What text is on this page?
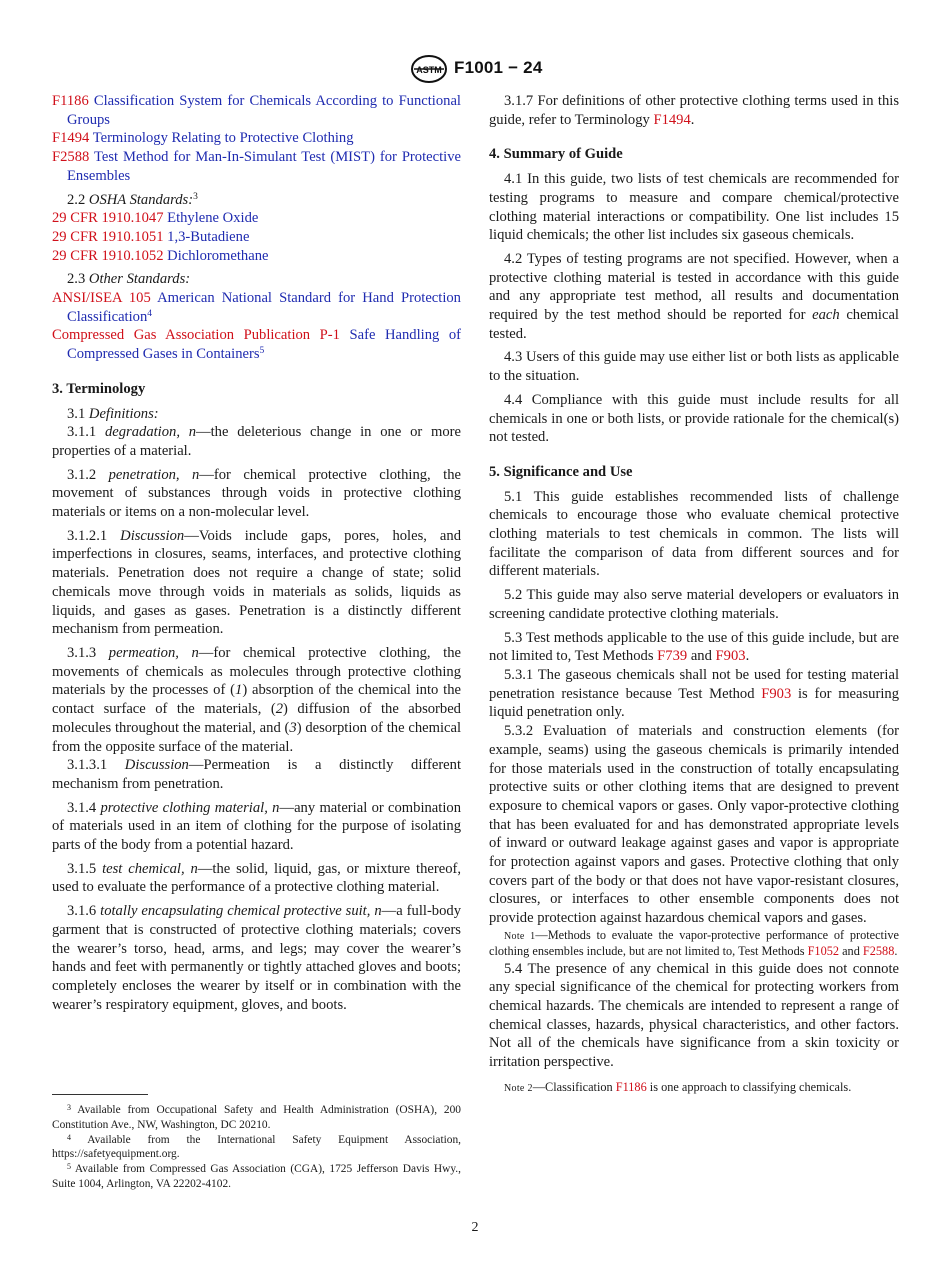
ASTM F1001 − 24

F1186 Classification System for Chemicals According to Functional Groups

F1494 Terminology Relating to Protective Clothing

F2588 Test Method for Man-In-Simulant Test (MIST) for Protective Ensembles

2.2 OSHA Standards:$^3$

29 CFR 1910.1047 Ethylene Oxide

29 CFR 1910.1051 1,3-Butadiene

29 CFR 1910.1052 Dichloromethane

2.3 Other Standards:

ANSI/ISEA 105 American National Standard for Hand Protection Classification$^4$

Compressed Gas Association Publication P-1 Safe Handling of Compressed Gases in Containers$^5$

3. Terminology

3.1 Definitions:

3.1.1 degradation, n—the deleterious change in one or more properties of a material.

3.1.2 penetration, n—for chemical protective clothing, the movement of substances through voids in protective clothing materials or items on a non-molecular level.

3.1.2.1 Discussion—Voids include gaps, pores, holes, and imperfections in closures, seams, interfaces, and protective clothing materials. Penetration does not require a change of state; solid chemicals move through voids in materials as solids, liquids as liquids, and gases as gases. Penetration is a distinctly different mechanism from permeation.

3.1.3 permeation, n—for chemical protective clothing, the movements of chemicals as molecules through protective clothing materials by the processes of (1) absorption of the chemical into the contact surface of the materials, (2) diffusion of the absorbed molecules throughout the material, and (3) desorption of the chemical from the opposite surface of the material.

3.1.3.1 Discussion—Permeation is a distinctly different mechanism from penetration.

3.1.4 protective clothing material, n—any material or combination of materials used in an item of clothing for the purpose of isolating parts of the body from a potential hazard.

3.1.5 test chemical, n—the solid, liquid, gas, or mixture thereof, used to evaluate the performance of a protective clothing material.

3.1.6 totally encapsulating chemical protective suit, n—a full-body garment that is constructed of protective clothing materials; covers the wearer’s torso, head, arms, and legs; may cover the wearer’s hands and feet with permanently or tightly attached gloves and boots; completely encloses the wearer by itself or in combination with the wearer’s respiratory equipment, gloves, and boots.

$^3$ Available from Occupational Safety and Health Administration (OSHA), 200 Constitution Ave., NW, Washington, DC 20210.

$^4$ Available from the International Safety Equipment Association, https://safetyequipment.org.

$^5$ Available from Compressed Gas Association (CGA), 1725 Jefferson Davis Hwy., Suite 1004, Arlington, VA 22202-4102.

3.1.7 For definitions of other protective clothing terms used in this guide, refer to Terminology F1494.

4. Summary of Guide

4.1 In this guide, two lists of test chemicals are recommended for testing programs to measure and compare chemical/protective clothing material interactions or compatibility. One list includes 15 liquid chemicals; the other list includes six gaseous chemicals.

4.2 Types of testing programs are not specified. However, when a protective clothing material is tested in accordance with this guide and any appropriate test method, all results and documentation required by the test method should be reported for each chemical tested.

4.3 Users of this guide may use either list or both lists as applicable to the situation.

4.4 Compliance with this guide must include results for all chemicals in one or both lists, or provide rationale for the chemical(s) not tested.

5. Significance and Use

5.1 This guide establishes recommended lists of challenge chemicals to encourage those who evaluate chemical protective clothing materials to test chemicals in common. The lists will facilitate the comparison of data from different sources and for different materials.

5.2 This guide may also serve material developers or evaluators in screening candidate protective clothing materials.

5.3 Test methods applicable to the use of this guide include, but are not limited to, Test Methods F739 and F903.

5.3.1 The gaseous chemicals shall not be used for testing material penetration resistance because Test Method F903 is for measuring liquid penetration only.

5.3.2 Evaluation of materials and construction elements (for example, seams) using the gaseous chemicals is primarily intended for those materials used in the construction of totally encapsulating protective suits or other clothing items that are designed to prevent exposure to chemical vapors or gases. Only vapor-protective clothing that has been evaluated for and has demonstrated appropriate levels of inward or outward leakage against gases and vapor is appropriate for protection against vapors and gases. Protective clothing that only covers part of the body or that does not have vapor-resistant closures, closures, or interfaces to other ensemble components does not provide protection against hazardous chemical vapors and gases.

Note 1—Methods to evaluate the vapor-protective performance of protective clothing ensembles include, but are not limited to, Test Methods F1052 and F2588.

5.4 The presence of any chemical in this guide does not connote any special significance of the chemical for protecting workers from chemical hazards. The chemicals are intended to represent a range of chemical classes, hazards, physical characteristics, and other factors. Not all of the chemicals have significance from a skin toxicity or irritation perspective.

Note 2—Classification F1186 is one approach to classifying chemicals.

2
